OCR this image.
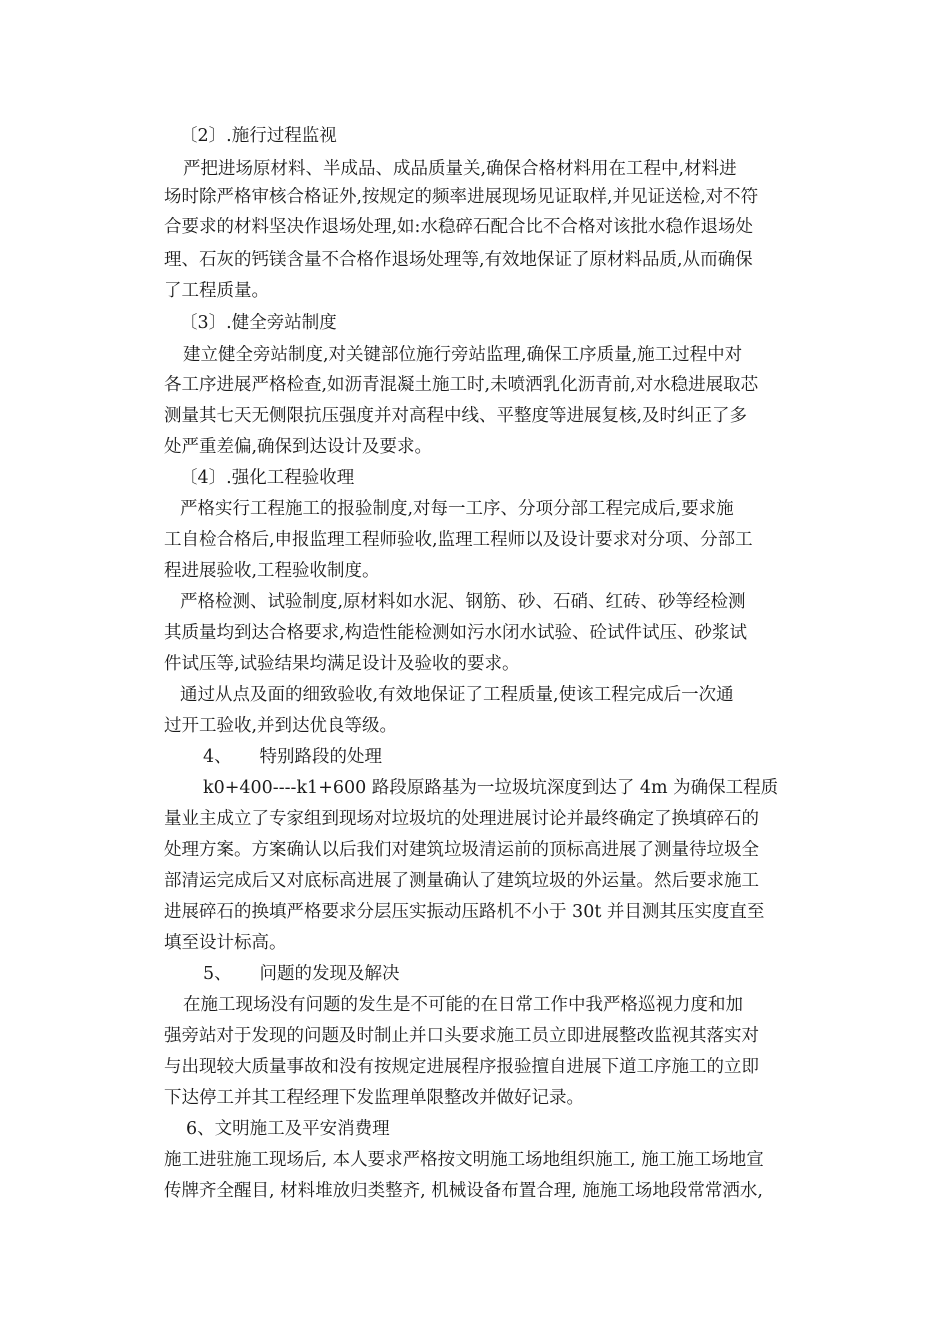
〔2〕.施行过程监视
严把进场原材料、半成品、成品质量关,确保合格材料用在工程中,材料进
场时除严格审核合格证外,按规定的频率进展现场见证取样,并见证送检,对不符
合要求的材料坚决作退场处理,如:水稳碎石配合比不合格对该批水稳作退场处
理、石灰的钙镁含量不合格作退场处理等,有效地保证了原材料品质,从而确保
了工程质量。
〔3〕.健全旁站制度
建立健全旁站制度,对关键部位施行旁站监理,确保工序质量,施工过程中对
各工序进展严格检查,如沥青混凝土施工时,未喷洒乳化沥青前,对水稳进展取芯
测量其七天无侧限抗压强度并对高程中线、平整度等进展复核,及时纠正了多
处严重差偏,确保到达设计及要求。
〔4〕.强化工程验收理
严格实行工程施工的报验制度,对每一工序、分项分部工程完成后,要求施
工自检合格后,申报监理工程师验收,监理工程师以及设计要求对分项、分部工
程进展验收,工程验收制度。
严格检测、试验制度,原材料如水泥、钢筋、砂、石硝、红砖、砂等经检测
其质量均到达合格要求,构造性能检测如污水闭水试验、砼试件试压、砂浆试
件试压等,试验结果均满足设计及验收的要求。
通过从点及面的细致验收,有效地保证了工程质量,使该工程完成后一次通
过开工验收,并到达优良等级。
4、     特别路段的处理
k0+400----k1+600 路段原路基为一垃圾坑深度到达了 4m 为确保工程质
量业主成立了专家组到现场对垃圾坑的处理进展讨论并最终确定了换填碎石的
处理方案。方案确认以后我们对建筑垃圾清运前的顶标高进展了测量待垃圾全
部清运完成后又对底标高进展了测量确认了建筑垃圾的外运量。然后要求施工
进展碎石的换填严格要求分层压实振动压路机不小于 30t 并目测其压实度直至
填至设计标高。
5、     问题的发现及解决
在施工现场没有问题的发生是不可能的在日常工作中我严格巡视力度和加
强旁站对于发现的问题及时制止并口头要求施工员立即进展整改监视其落实对
与出现较大质量事故和没有按规定进展程序报验擅自进展下道工序施工的立即
下达停工并其工程经理下发监理单限整改并做好记录。
6、文明施工及平安消费理
施工进驻施工现场后, 本人要求严格按文明施工场地组织施工, 施工施工场地宣
传牌齐全醒目, 材料堆放归类整齐, 机械设备布置合理, 施施工场地段常常洒水,
